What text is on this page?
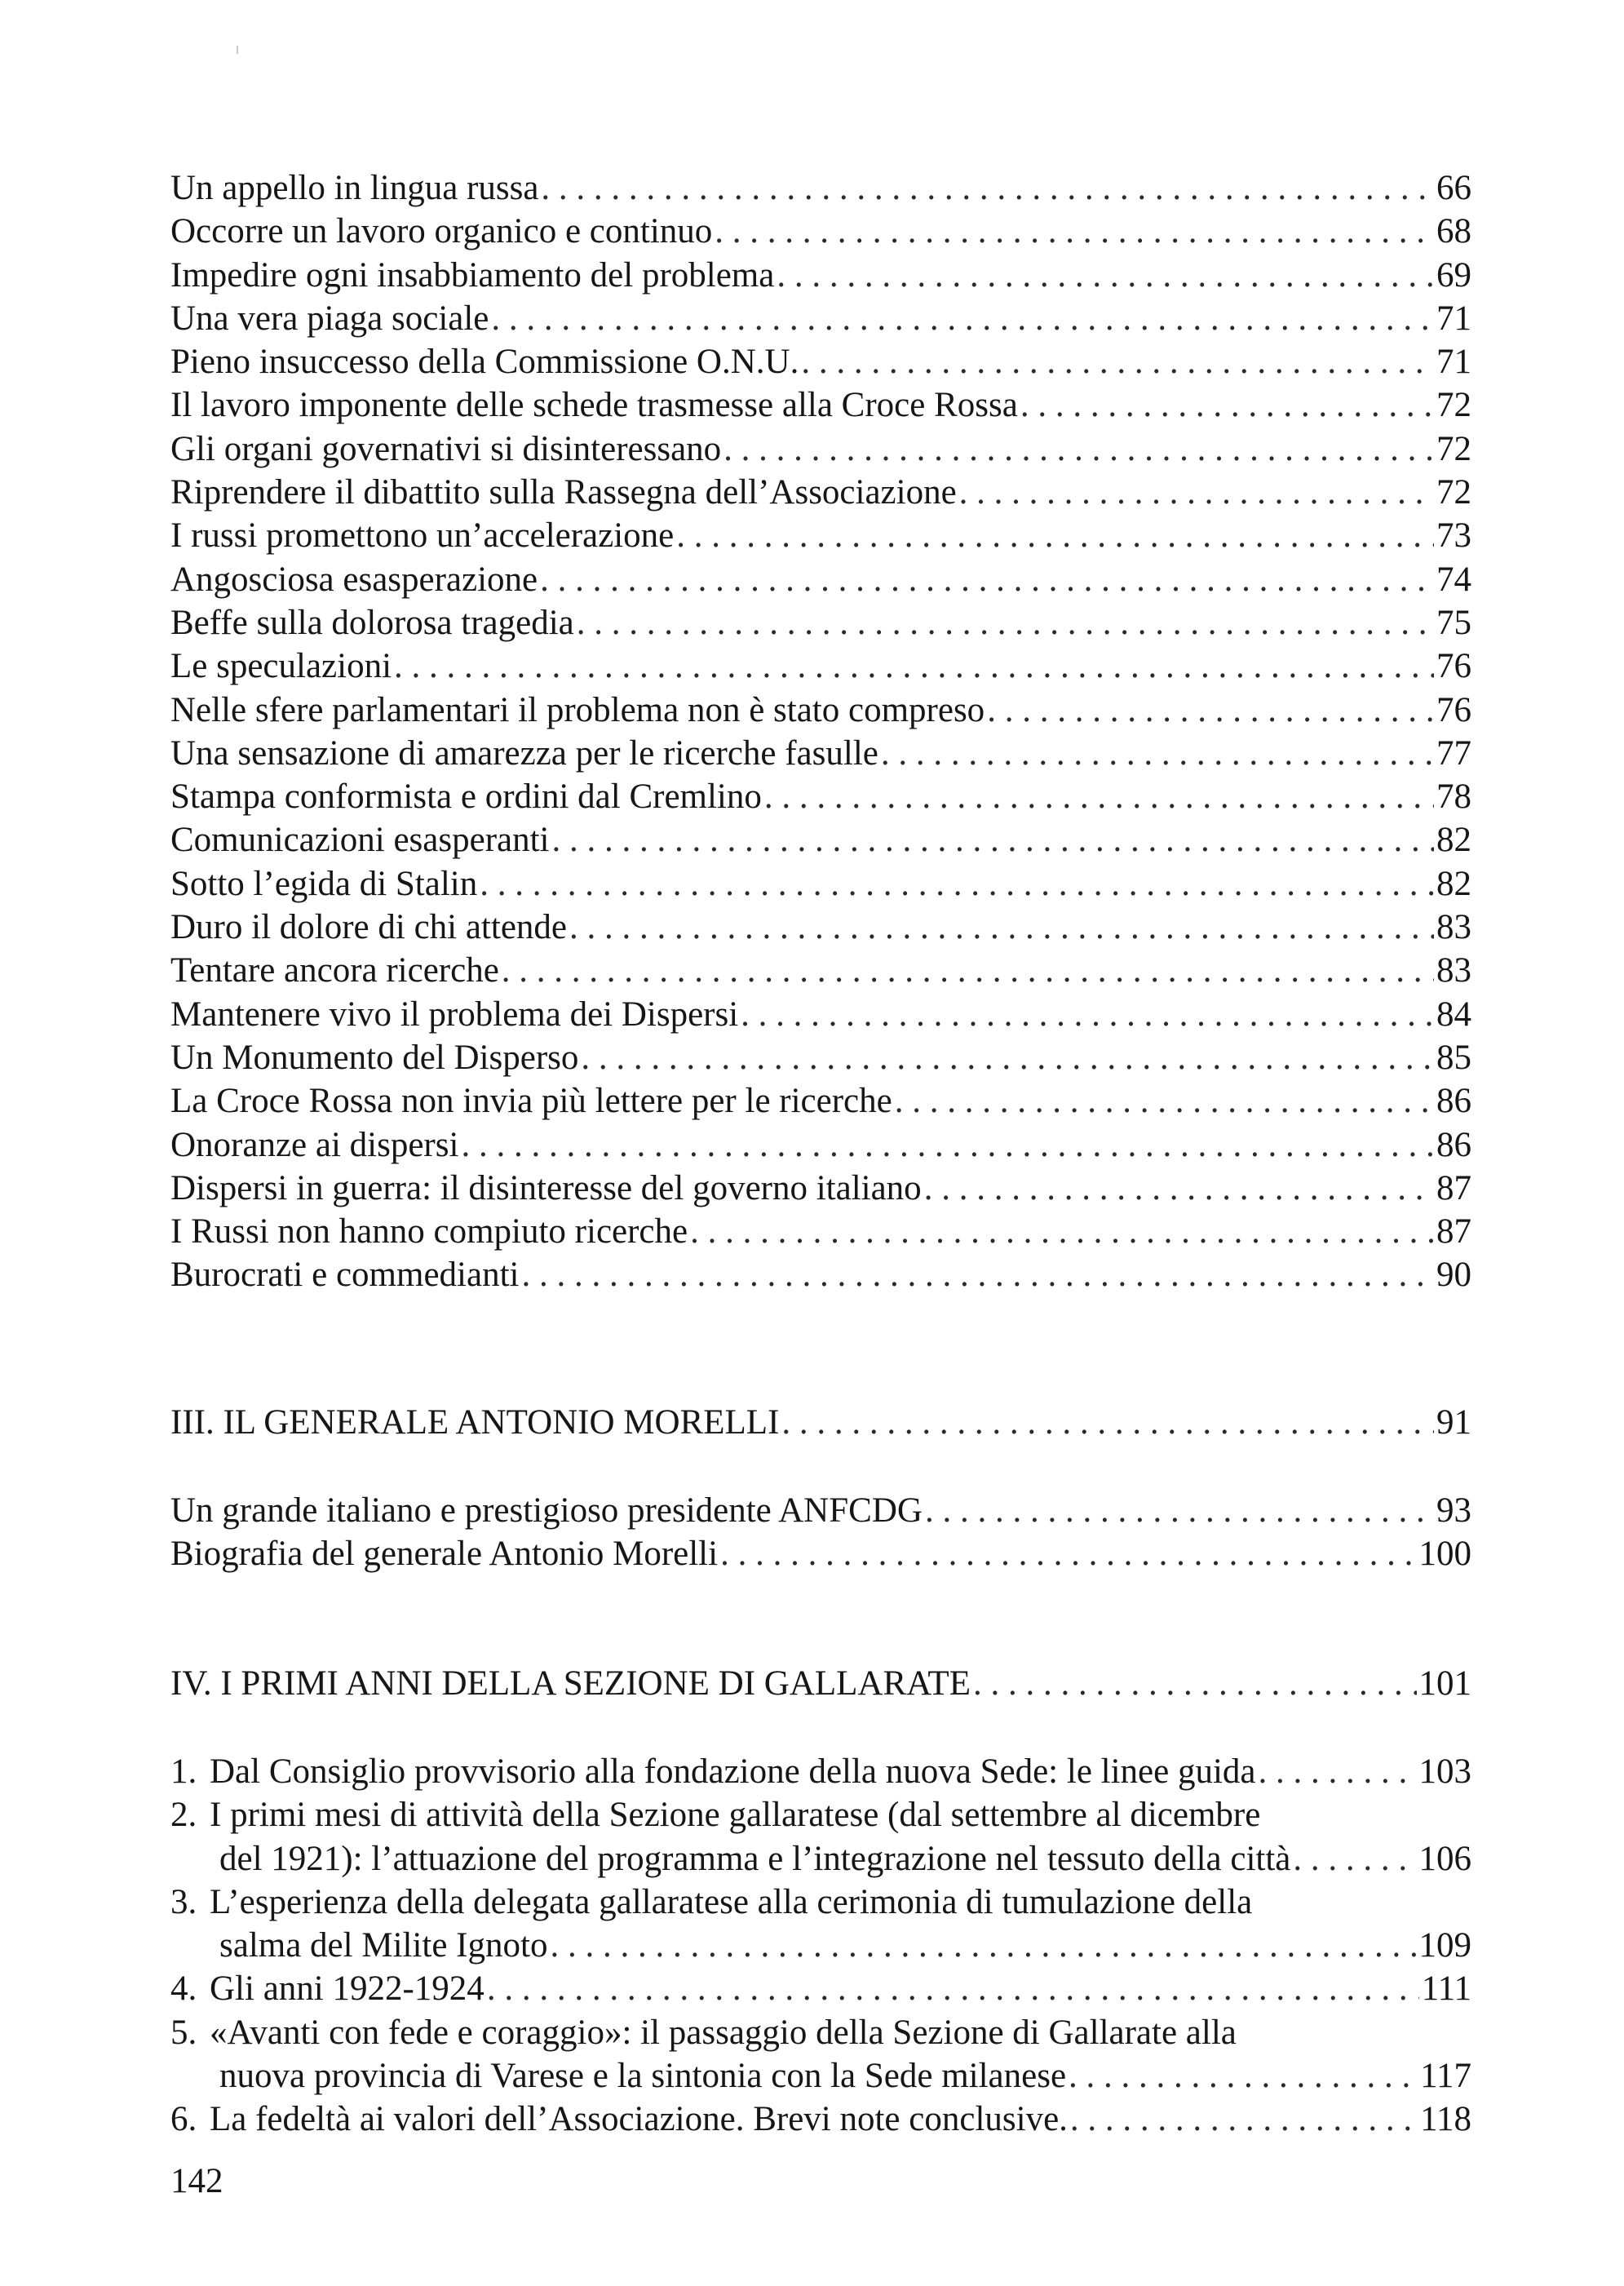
Un appello in lingua russa . . .	66
Occorre un lavoro organico e continuo . . .	68
Impedire ogni insabbiamento del problema . . .	69
Una vera piaga sociale . . .	71
Pieno insuccesso della Commissione O.N.U. . . .	71
Il lavoro imponente delle schede trasmesse alla Croce Rossa . . .	72
Gli organi governativi si disinteressano . . .	72
Riprendere il dibattito sulla Rassegna dell’Associazione . . .	72
I russi promettono un’accelerazione . . .	73
Angosciosa esasperazione . . .	74
Beffe sulla dolorosa tragedia . . .	75
Le speculazioni . . .	76
Nelle sfere parlamentari il problema non è stato compreso . . .	76
Una sensazione di amarezza per le ricerche fasulle . . .	77
Stampa conformista e ordini dal Cremlino . . .	78
Comunicazioni esasperanti . . .	82
Sotto l’egida di Stalin . . .	82
Duro il dolore di chi attende . . .	83
Tentare ancora ricerche . . .	83
Mantenere vivo il problema dei Dispersi . . .	84
Un Monumento del Disperso . . .	85
La Croce Rossa non invia più lettere per le ricerche . . .	86
Onoranze ai dispersi . . .	86
Dispersi in guerra: il disinteresse del governo italiano . . .	87
I Russi non hanno compiuto ricerche . . .	87
Burocrati e commedianti . . .	90
III. IL GENERALE ANTONIO MORELLI . . .	91
Un grande italiano e prestigioso presidente ANFCDG . . .	93
Biografia del generale Antonio Morelli . . .	100
IV. I PRIMI ANNI DELLA SEZIONE DI GALLARATE . . .	101
1. Dal Consiglio provvisorio alla fondazione della nuova Sede: le linee guida . . .	103
2. I primi mesi di attività della Sezione gallaratese (dal settembre al dicembre
del 1921): l’attuazione del programma e l’integrazione nel tessuto della città . . .	106
3. L’esperienza della delegata gallaratese alla cerimonia di tumulazione della
salma del Milite Ignoto . . .	109
4. Gli anni 1922-1924 . . .	111
5. «Avanti con fede e coraggio»: il passaggio della Sezione di Gallarate alla
nuova provincia di Varese e la sintonia con la Sede milanese . . .	117
6. La fedeltà ai valori dell’Associazione. Brevi note conclusive. . . .	118
142
